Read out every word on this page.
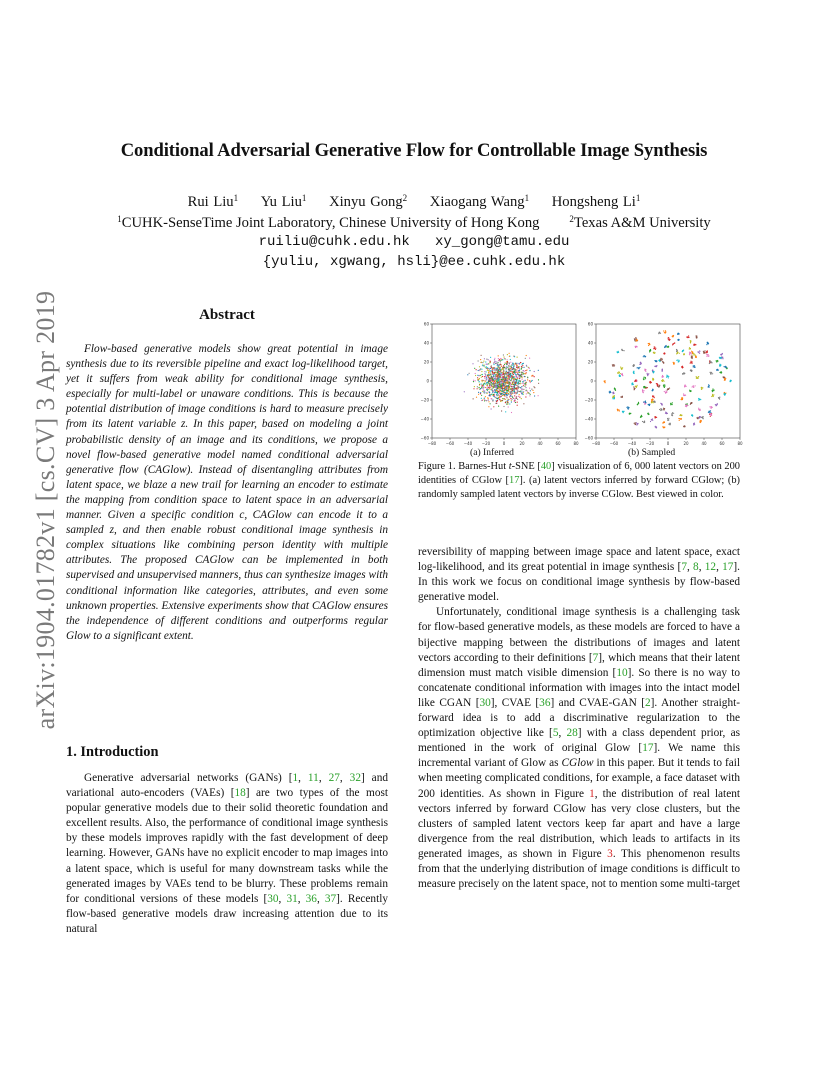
arXiv:1904.01782v1 [cs.CV] 3 Apr 2019
Conditional Adversarial Generative Flow for Controllable Image Synthesis
Rui Liu$^1$ Yu Liu$^1$ Xinyu Gong$^2$ Xiaogang Wang$^1$ Hongsheng Li$^1$
$^1$CUHK-SenseTime Joint Laboratory, Chinese University of Hong Kong	$^2$Texas A&M University
ruiliu@cuhk.edu.hk   xy_gong@tamu.edu
{yuliu, xgwang, hsli}@ee.cuhk.edu.hk
Abstract

Flow-based generative models show great potential in image synthesis due to its reversible pipeline and exact log-likelihood target, yet it suffers from weak ability for conditional image synthesis, especially for multi-label or unaware conditions. This is because the potential distribution of image conditions is hard to measure precisely from its latent variable z. In this paper, based on modeling a joint probabilistic density of an image and its conditions, we propose a novel flow-based generative model named conditional adversarial generative flow (CAGlow). Instead of disentangling attributes from latent space, we blaze a new trail for learning an encoder to estimate the mapping from condition space to latent space in an adversarial manner. Given a specific condition c, CAGlow can encode it to a sampled z, and then enable robust conditional image synthesis in complex situations like combining person identity with multiple attributes. The proposed CAGlow can be implemented in both supervised and unsupervised manners, thus can synthesize images with conditional information like categories, attributes, and even some unknown properties. Extensive experiments show that CAGlow ensures the independence of different conditions and outperforms regular Glow to a significant extent.

1. Introduction

Generative adversarial networks (GANs) [1, 11, 27, 32] and variational auto-encoders (VAEs) [18] are two types of the most popular generative models due to their solid theoretic foundation and excellent results. Also, the performance of conditional image synthesis by these models improves rapidly with the fast development of deep learning. However, GANs have no explicit encoder to map images into a latent space, which is useful for many downstream tasks while the generated images by VAEs tend to be blurry. These problems remain for conditional versions of these models [30, 31, 36, 37]. Recently flow-based generative models draw increasing attention due to its natural

60
40
20
0
−20
−40
−60
−80 −60 −40 −20	0	20	40	60	80
60
40
20
0
−20
−40
−60
−80 −60 −40 −20	0	20	40	60	80
(a) Inferred	(b) Sampled

Figure 1. Barnes-Hut t-SNE [40] visualization of 6, 000 latent vectors on 200 identities of CGlow [17]. (a) latent vectors inferred by forward CGlow; (b) randomly sampled latent vectors by inverse CGlow. Best viewed in color.

reversibility of mapping between image space and latent space, exact log-likelihood, and its great potential in image synthesis [7, 8, 12, 17]. In this work we focus on conditional image synthesis by flow-based generative model.

Unfortunately, conditional image synthesis is a challenging task for flow-based generative models, as these models are forced to have a bijective mapping between the distributions of images and latent vectors according to their definitions [7], which means that their latent dimension must match visible dimension [10]. So there is no way to concatenate conditional information with images into the intact model like CGAN [30], CVAE [36] and CVAE-GAN [2]. Another straight-forward idea is to add a discriminative regularization to the optimization objective like [5, 28] with a class dependent prior, as mentioned in the work of original Glow [17]. We name this incremental variant of Glow as CGlow in this paper. But it tends to fail when meeting complicated conditions, for example, a face dataset with 200 identities. As shown in Figure 1, the distribution of real latent vectors inferred by forward CGlow has very close clusters, but the clusters of sampled latent vectors keep far apart and have a large divergence from the real distribution, which leads to artifacts in its generated images, as shown in Figure 3. This phenomenon results from that the underlying distribution of image conditions is difficult to measure precisely on the latent space, not to mention some multi-target
